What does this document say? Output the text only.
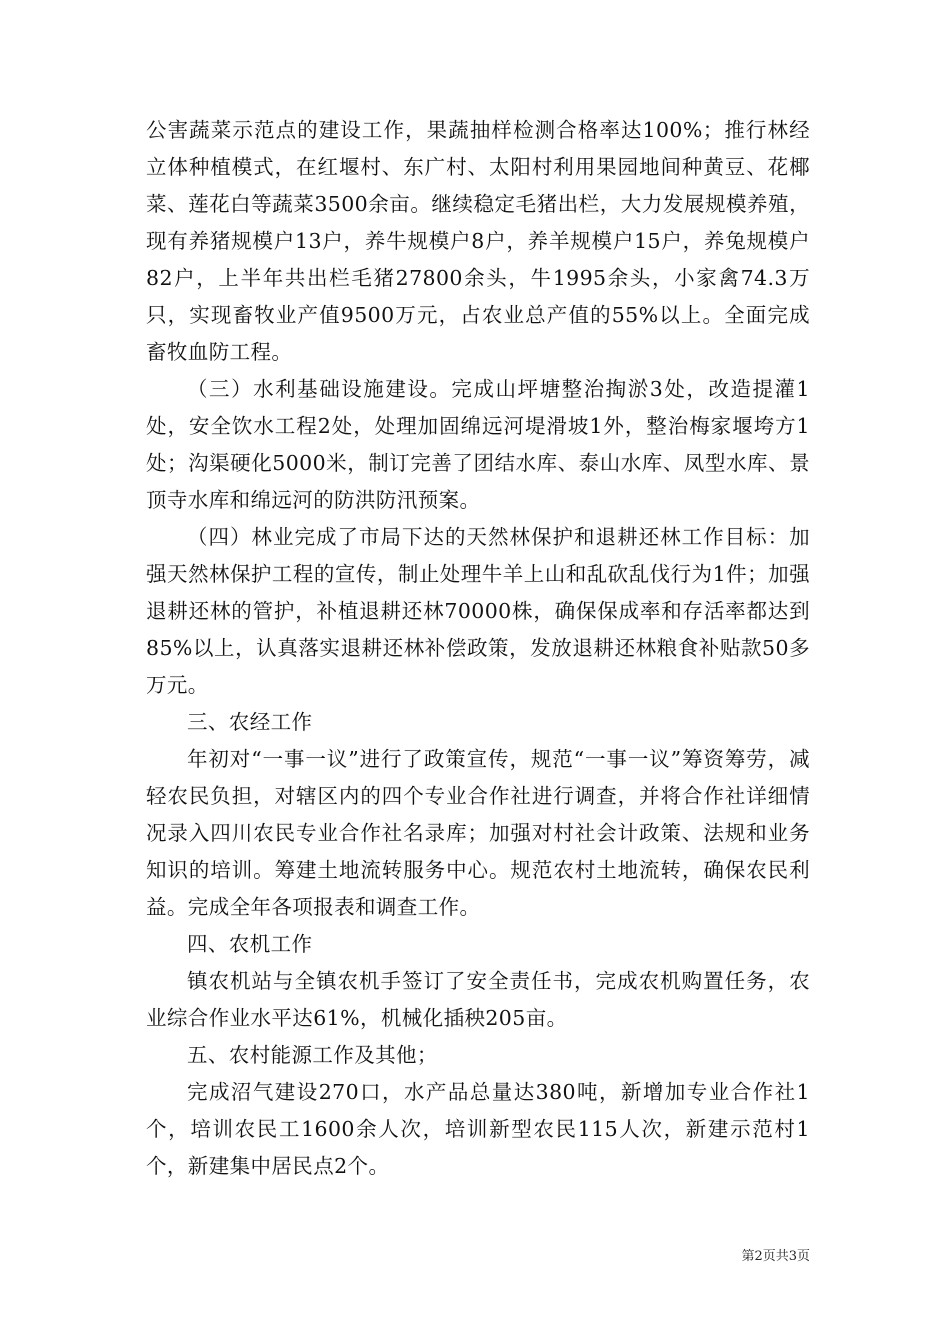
公害蔬菜示范点的建设工作，果蔬抽样检测合格率达100%；推行林经立体种植模式，在红堰村、东广村、太阳村利用果园地间种黄豆、花椰菜、莲花白等蔬菜3500余亩。继续稳定毛猪出栏，大力发展规模养殖，现有养猪规模户13户，养牛规模户8户，养羊规模户15户，养兔规模户82户，上半年共出栏毛猪27800余头，牛1995余头，小家禽74.3万只，实现畜牧业产值9500万元，占农业总产值的55%以上。全面完成畜牧血防工程。

（三）水利基础设施建设。完成山坪塘整治掏淤3处，改造提灌1处，安全饮水工程2处，处理加固绵远河堤滑坡1外，整治梅家堰垮方1处；沟渠硬化5000米，制订完善了团结水库、泰山水库、凤型水库、景顶寺水库和绵远河的防洪防汛预案。

（四）林业完成了市局下达的天然林保护和退耕还林工作目标：加强天然林保护工程的宣传，制止处理牛羊上山和乱砍乱伐行为1件；加强退耕还林的管护，补植退耕还林70000株，确保保成率和存活率都达到85%以上，认真落实退耕还林补偿政策，发放退耕还林粮食补贴款50多万元。

三、农经工作

年初对“一事一议”进行了政策宣传，规范“一事一议”筹资筹劳，减轻农民负担，对辖区内的四个专业合作社进行调查，并将合作社详细情况录入四川农民专业合作社名录库；加强对村社会计政策、法规和业务知识的培训。筹建土地流转服务中心。规范农村土地流转，确保农民利益。完成全年各项报表和调查工作。

四、农机工作

镇农机站与全镇农机手签订了安全责任书，完成农机购置任务，农业综合作业水平达61%，机械化插秧205亩。

五、农村能源工作及其他；

完成沼气建设270口，水产品总量达380吨，新增加专业合作社1个，培训农民工1600余人次，培训新型农民115人次，新建示范村1个，新建集中居民点2个。

第2页共3页
